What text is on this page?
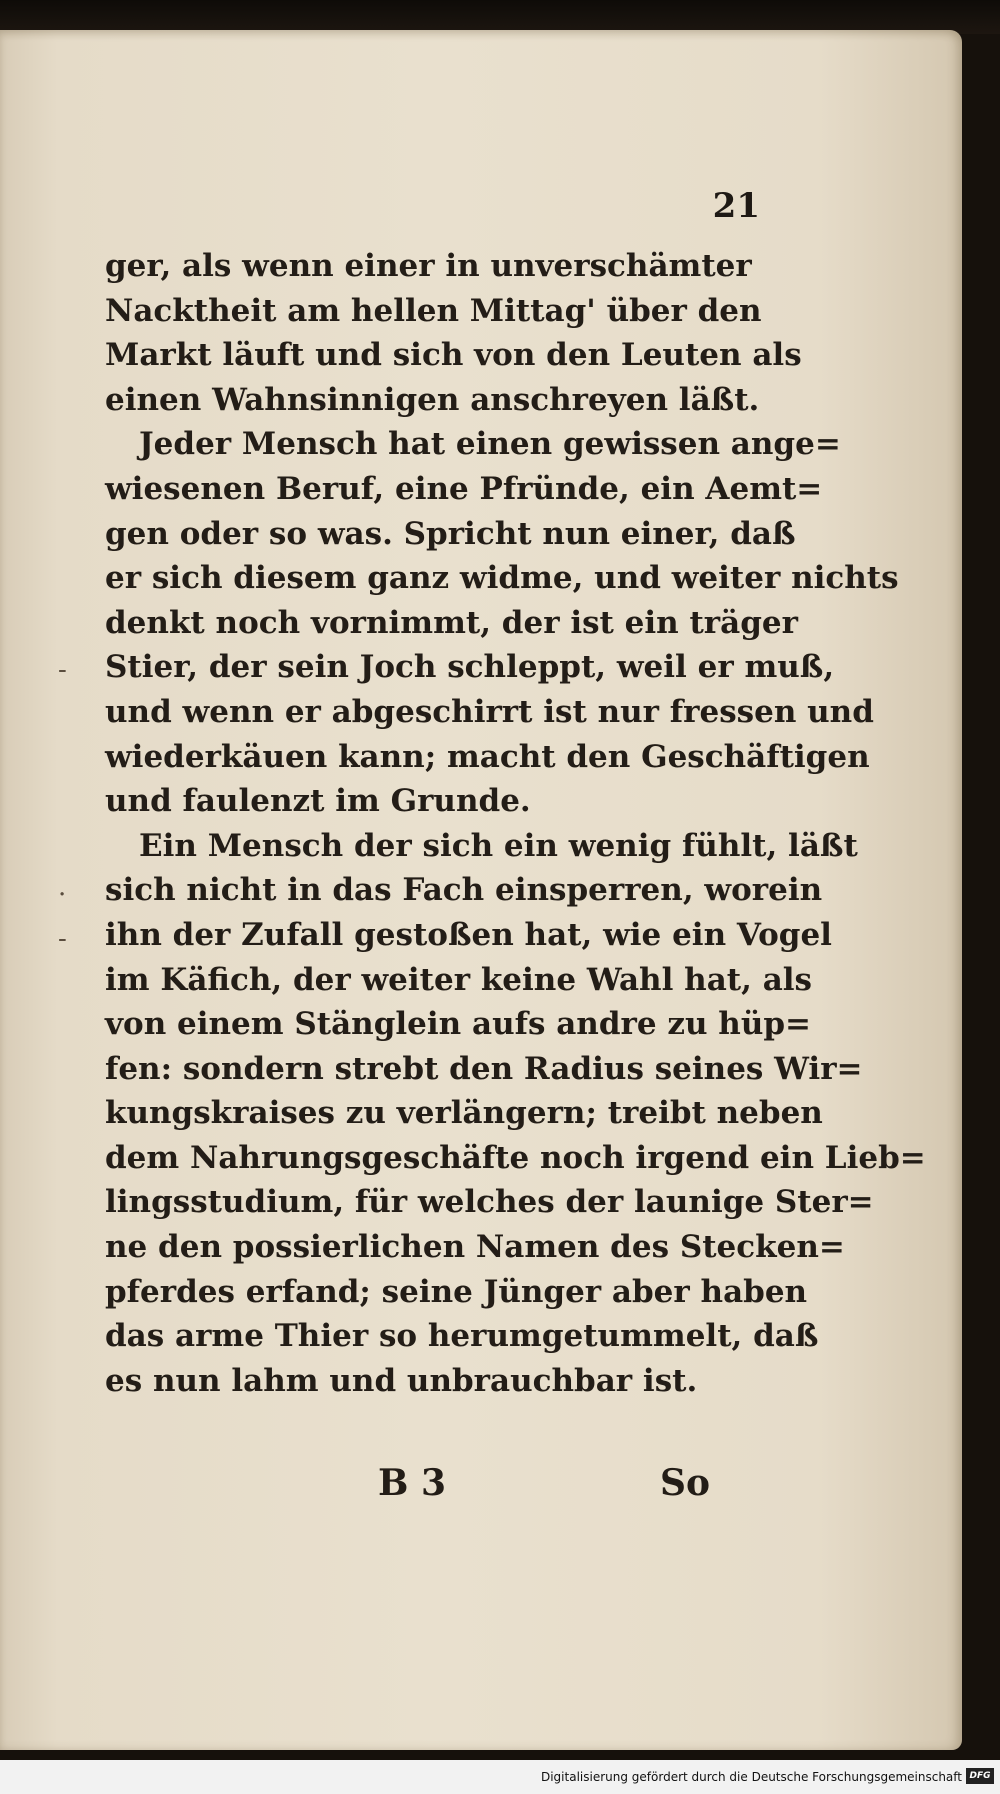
21
ger, als wenn einer in unverschämter
Nacktheit am hellen Mittag' über den
Markt läuft und sich von den Leuten als
einen Wahnsinnigen anschreyen läßt.
Jeder Mensch hat einen gewissen ange=
wiesenen Beruf, eine Pfründe, ein Aemt=
gen oder so was. Spricht nun einer, daß
er sich diesem ganz widme, und weiter nichts
denkt noch vornimmt, der ist ein träger
Stier, der sein Joch schleppt, weil er muß,
und wenn er abgeschirrt ist nur fressen und
wiederkäuen kann; macht den Geschäftigen
und faulenzt im Grunde.
Ein Mensch der sich ein wenig fühlt, läßt
sich nicht in das Fach einsperren, worein
ihn der Zufall gestoßen hat, wie ein Vogel
im Käfich, der weiter keine Wahl hat, als
von einem Stänglein aufs andre zu hüp=
fen: sondern strebt den Radius seines Wir=
kungskraises zu verlängern; treibt neben
dem Nahrungsgeschäfte noch irgend ein Lieb=
lingsstudium, für welches der launige Ster=
ne den possierlichen Namen des Stecken=
pferdes erfand; seine Jünger aber haben
das arme Thier so herumgetummelt, daß
es nun lahm und unbrauchbar ist.
-
·
-
B 3	So
Digitalisierung gefördert durch die Deutsche Forschungsgemeinschaft DFG
